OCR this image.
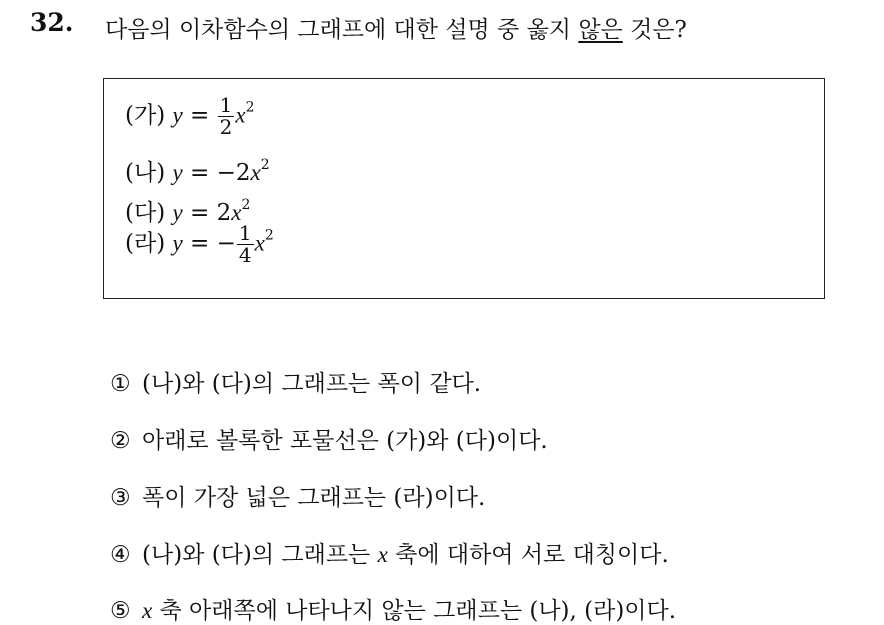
32. 다음의 이차함수의 그래프에 대한 설명 중 옳지 않은 것은?
(가) $y = \frac{1}{2} x^2$
(나) $y = -2x^2$
(다) $y = 2x^2$
(라) y = − $\frac{1}{4} x^2$
① (나)와 (다)의 그래프는 폭이 같다.
② 아래로 볼록한 포물선은 (가)와 (다)이다.
③ 폭이 가장 넓은 그래프는 (라)이다.
④ (나)와 (다)의 그래프는 x 축에 대하여 서로 대칭이다.
⑤ x 축 아래쪽에 나타나지 않는 그래프는 (나), (라)이다.
